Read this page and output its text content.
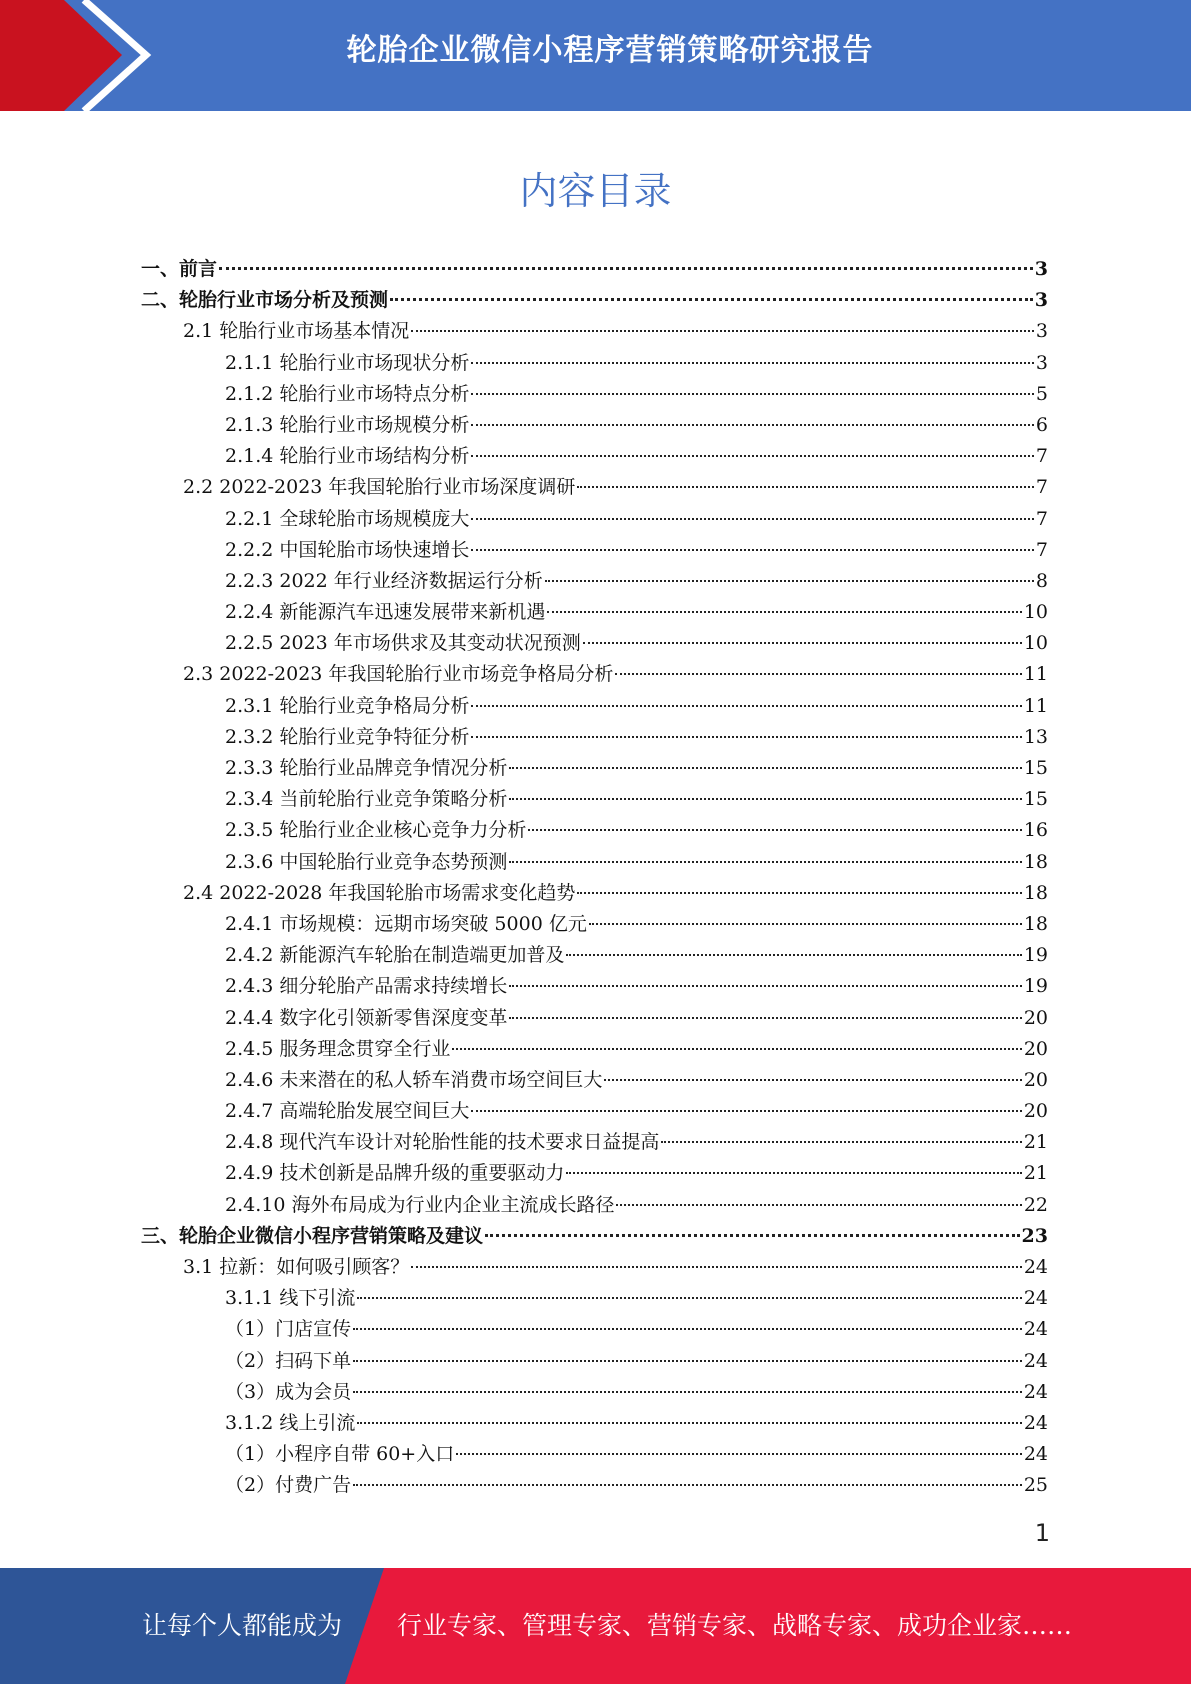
轮胎企业微信小程序营销策略研究报告
内容目录
一、前言	3
二、轮胎行业市场分析及预测	3
2.1 轮胎行业市场基本情况	3
2.1.1 轮胎行业市场现状分析	3
2.1.2 轮胎行业市场特点分析	5
2.1.3 轮胎行业市场规模分析	6
2.1.4 轮胎行业市场结构分析	7
2.2 2022-2023 年我国轮胎行业市场深度调研	7
2.2.1 全球轮胎市场规模庞大	7
2.2.2 中国轮胎市场快速增长	7
2.2.3 2022 年行业经济数据运行分析	8
2.2.4 新能源汽车迅速发展带来新机遇	10
2.2.5 2023 年市场供求及其变动状况预测	10
2.3 2022-2023 年我国轮胎行业市场竞争格局分析	11
2.3.1 轮胎行业竞争格局分析	11
2.3.2 轮胎行业竞争特征分析	13
2.3.3 轮胎行业品牌竞争情况分析	15
2.3.4 当前轮胎行业竞争策略分析	15
2.3.5 轮胎行业企业核心竞争力分析	16
2.3.6 中国轮胎行业竞争态势预测	18
2.4 2022-2028 年我国轮胎市场需求变化趋势	18
2.4.1 市场规模：远期市场突破 5000 亿元	18
2.4.2 新能源汽车轮胎在制造端更加普及	19
2.4.3 细分轮胎产品需求持续增长	19
2.4.4 数字化引领新零售深度变革	20
2.4.5 服务理念贯穿全行业	20
2.4.6 未来潜在的私人轿车消费市场空间巨大	20
2.4.7 高端轮胎发展空间巨大	20
2.4.8 现代汽车设计对轮胎性能的技术要求日益提高	21
2.4.9 技术创新是品牌升级的重要驱动力	21
2.4.10 海外布局成为行业内企业主流成长路径	22
三、轮胎企业微信小程序营销策略及建议	23
3.1 拉新：如何吸引顾客？	24
3.1.1 线下引流	24
（1）门店宣传	24
（2）扫码下单	24
（3）成为会员	24
3.1.2 线上引流	24
（1）小程序自带 60+入口	24
（2）付费广告	25
1
让每个人都能成为 行业专家、管理专家、营销专家、战略专家、成功企业家……
